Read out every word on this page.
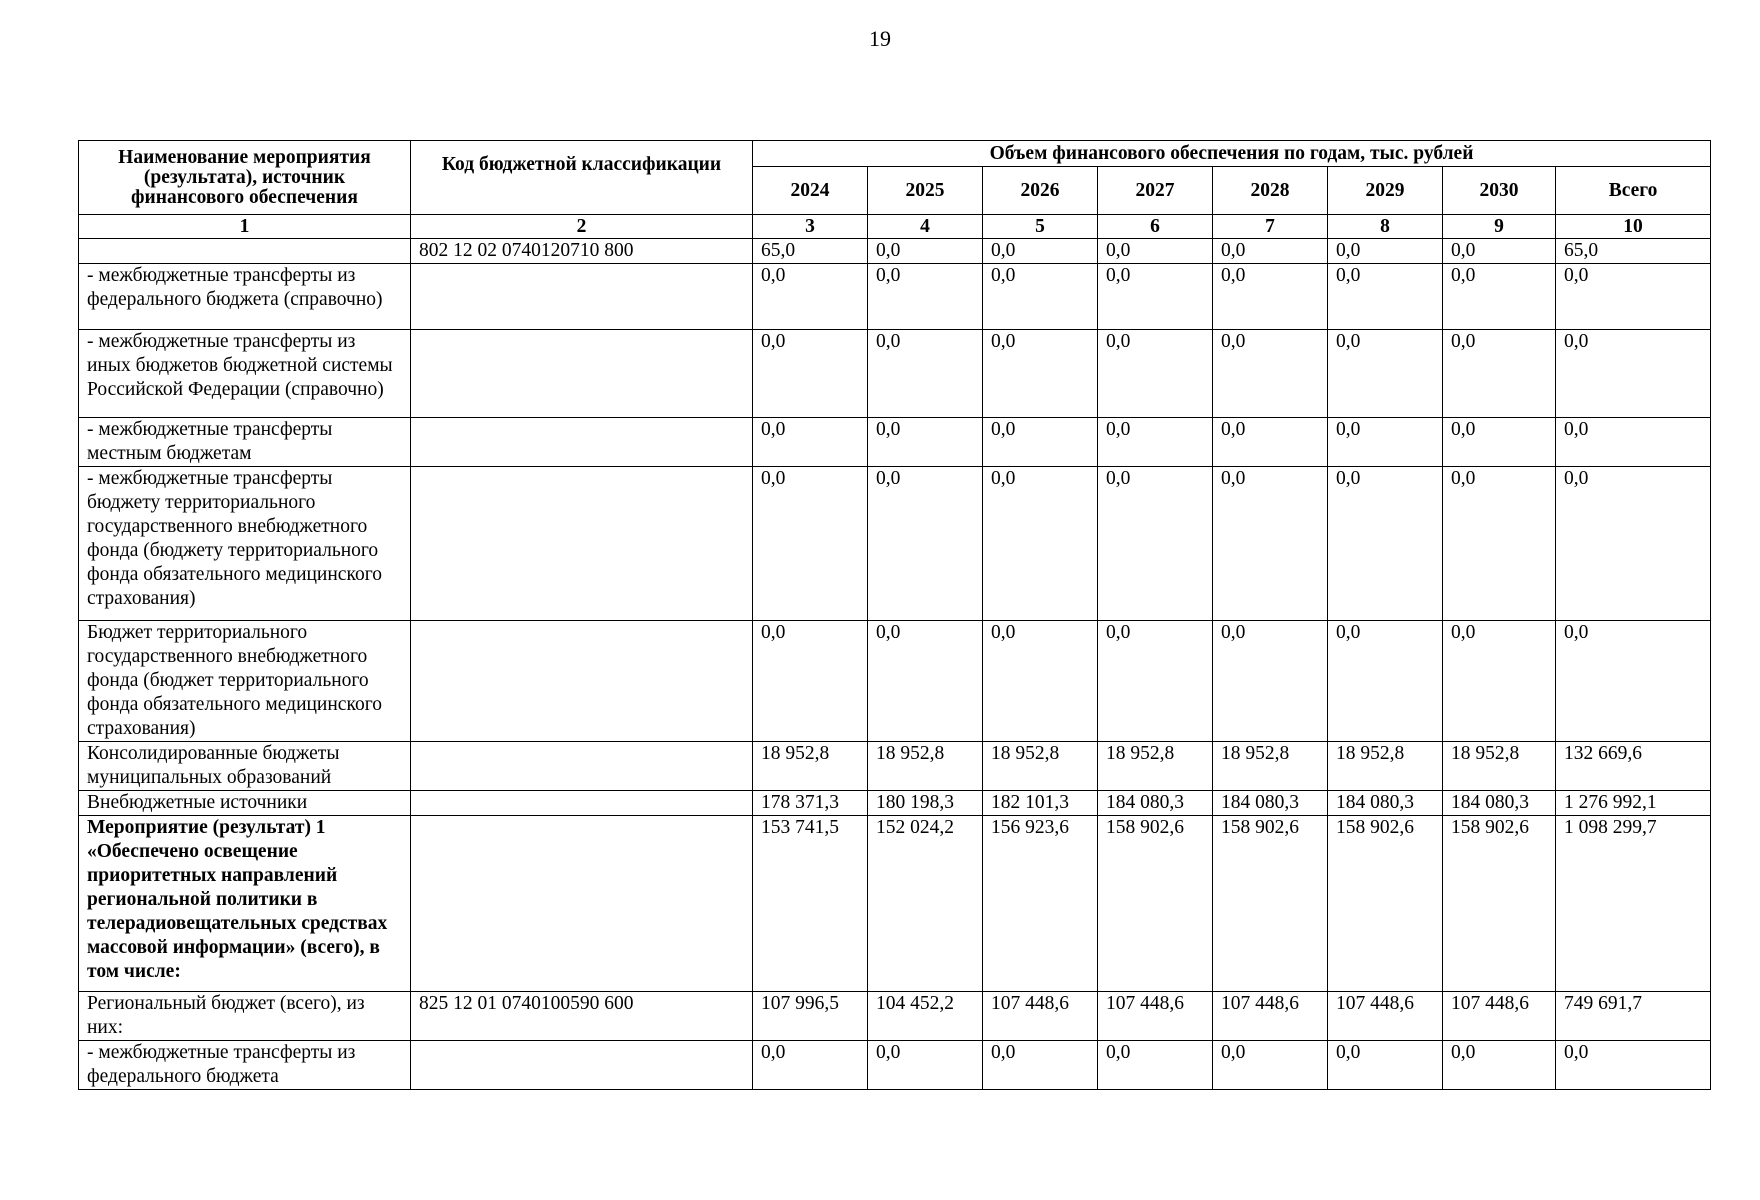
19
Наименование мероприятия (результата), источник финансового обеспечения	Код бюджетной классификации	Объем финансового обеспечения по годам, тыс. рублей							
		2024	2025	2026	2027	2028	2029	2030	Всего
1	2	3	4	5	6	7	8	9	10
	802 12 02 0740120710 800	65,0	0,0	0,0	0,0	0,0	0,0	0,0	65,0
- межбюджетные трансферты из федерального бюджета (справочно)		0,0	0,0	0,0	0,0	0,0	0,0	0,0	0,0
- межбюджетные трансферты из иных бюджетов бюджетной системы Российской Федерации (справочно)		0,0	0,0	0,0	0,0	0,0	0,0	0,0	0,0
- межбюджетные трансферты местным бюджетам		0,0	0,0	0,0	0,0	0,0	0,0	0,0	0,0
- межбюджетные трансферты бюджету территориального государственного внебюджетного фонда (бюджету территориального фонда обязательного медицинского страхования)		0,0	0,0	0,0	0,0	0,0	0,0	0,0	0,0
Бюджет территориального государственного внебюджетного фонда (бюджет территориального фонда обязательного медицинского страхования)		0,0	0,0	0,0	0,0	0,0	0,0	0,0	0,0
Консолидированные бюджеты муниципальных образований		18 952,8	18 952,8	18 952,8	18 952,8	18 952,8	18 952,8	18 952,8	132 669,6
Внебюджетные источники		178 371,3	180 198,3	182 101,3	184 080,3	184 080,3	184 080,3	184 080,3	1 276 992,1
Мероприятие (результат) 1 «Обеспечено освещение приоритетных направлений региональной политики в телерадиовещательных средствах массовой информации» (всего), в том числе:		153 741,5	152 024,2	156 923,6	158 902,6	158 902,6	158 902,6	158 902,6	1 098 299,7
Региональный бюджет (всего), из них:	825 12 01 0740100590 600	107 996,5	104 452,2	107 448,6	107 448,6	107 448,6	107 448,6	107 448,6	749 691,7
- межбюджетные трансферты из федерального бюджета		0,0	0,0	0,0	0,0	0,0	0,0	0,0	0,0
